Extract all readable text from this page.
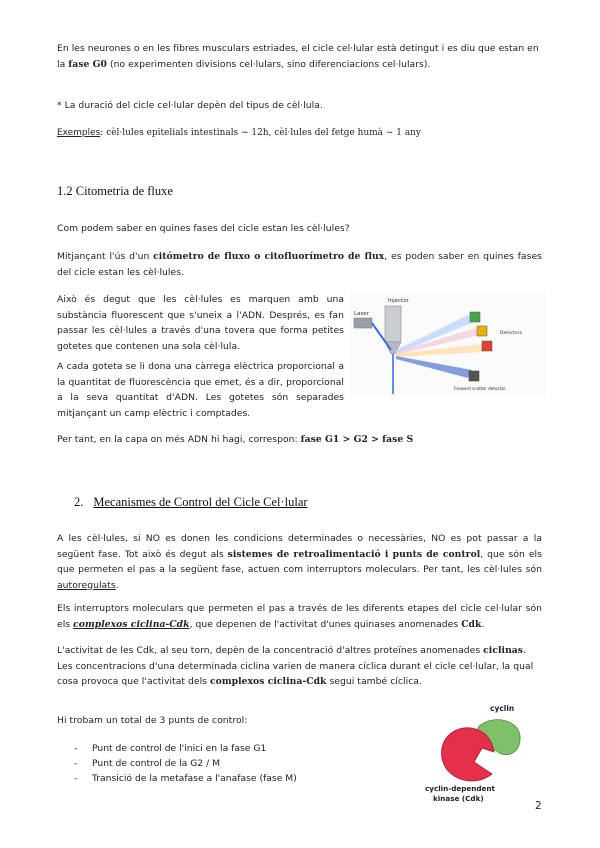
En les neurones o en les fibres musculars estriades, el cicle cel·lular està detingut i es diu que estan en la fase G0 (no experimenten divisions cel·lulars, sino diferenciacions cel·lulars).
* La duració del cicle cel·lular depèn del tipus de cèl·lula.
Exemples: cèl·lules epitelials intestinals ~ 12h, cèl·lules del fetge humà ~ 1 any
1.2 Citometria de fluxe
Com podem saber en quines fases del cicle estan les cèl·lules?
Mitjançant l'ús d'un citómetro de fluxo o citofluorímetro de flux, es poden saber en quines fases del cicle estan les cèl·lules.
Això és degut que les cèl·lules es marquen amb una substància fluorescent que s'uneix a l'ADN. Després, es fan passar les cèl·lules a través d'una tovera que forma petites gotetes que contenen una sola cèl·lula.
A cada goteta se li dona una càrrega elèctrica proporcional a la quantitat de fluorescència que emet, és a dir, proporcional a la seva quantitat d'ADN. Les gotetes són separades mitjançant un camp elèctric i comptades.
Per tant, en la capa on més ADN hi hagi, correspon: fase G1 > G2 > fase S
Injector
Laser
Detectors
Forward scatter detector
2. Mecanismes de Control del Cicle Cel·lular
A les cèl·lules, si NO es donen les condicions determinades o necessàries, NO es pot passar a la següent fase. Tot això és degut als sistemes de retroalimentació i punts de control, que són els que permeten el pas a la següent fase, actuen com interruptors moleculars. Per tant, les cèl·lules són autoregulats.
Els interruptors moleculars que permeten el pas a través de les diferents etapes del cicle cel·lular són els complexos ciclina-Cdk, que depenen de l'activitat d'unes quinases anomenades Cdk.
L'activitat de les Cdk, al seu torn, depèn de la concentració d'altres proteïnes anomenades ciclinas. Les concentracions d'una determinada ciclina varien de manera cíclica durant el cicle cel·lular, la qual cosa provoca que l'activitat dels complexos ciclina-Cdk segui també cíclica.
Hi trobam un total de 3 punts de control:
- Punt de control de l'inici en la fase G1
- Punt de control de la G2 / M
- Transició de la metafase a l'anafase (fase M)
cyclin
cyclin-dependent
kinase (Cdk)
2
